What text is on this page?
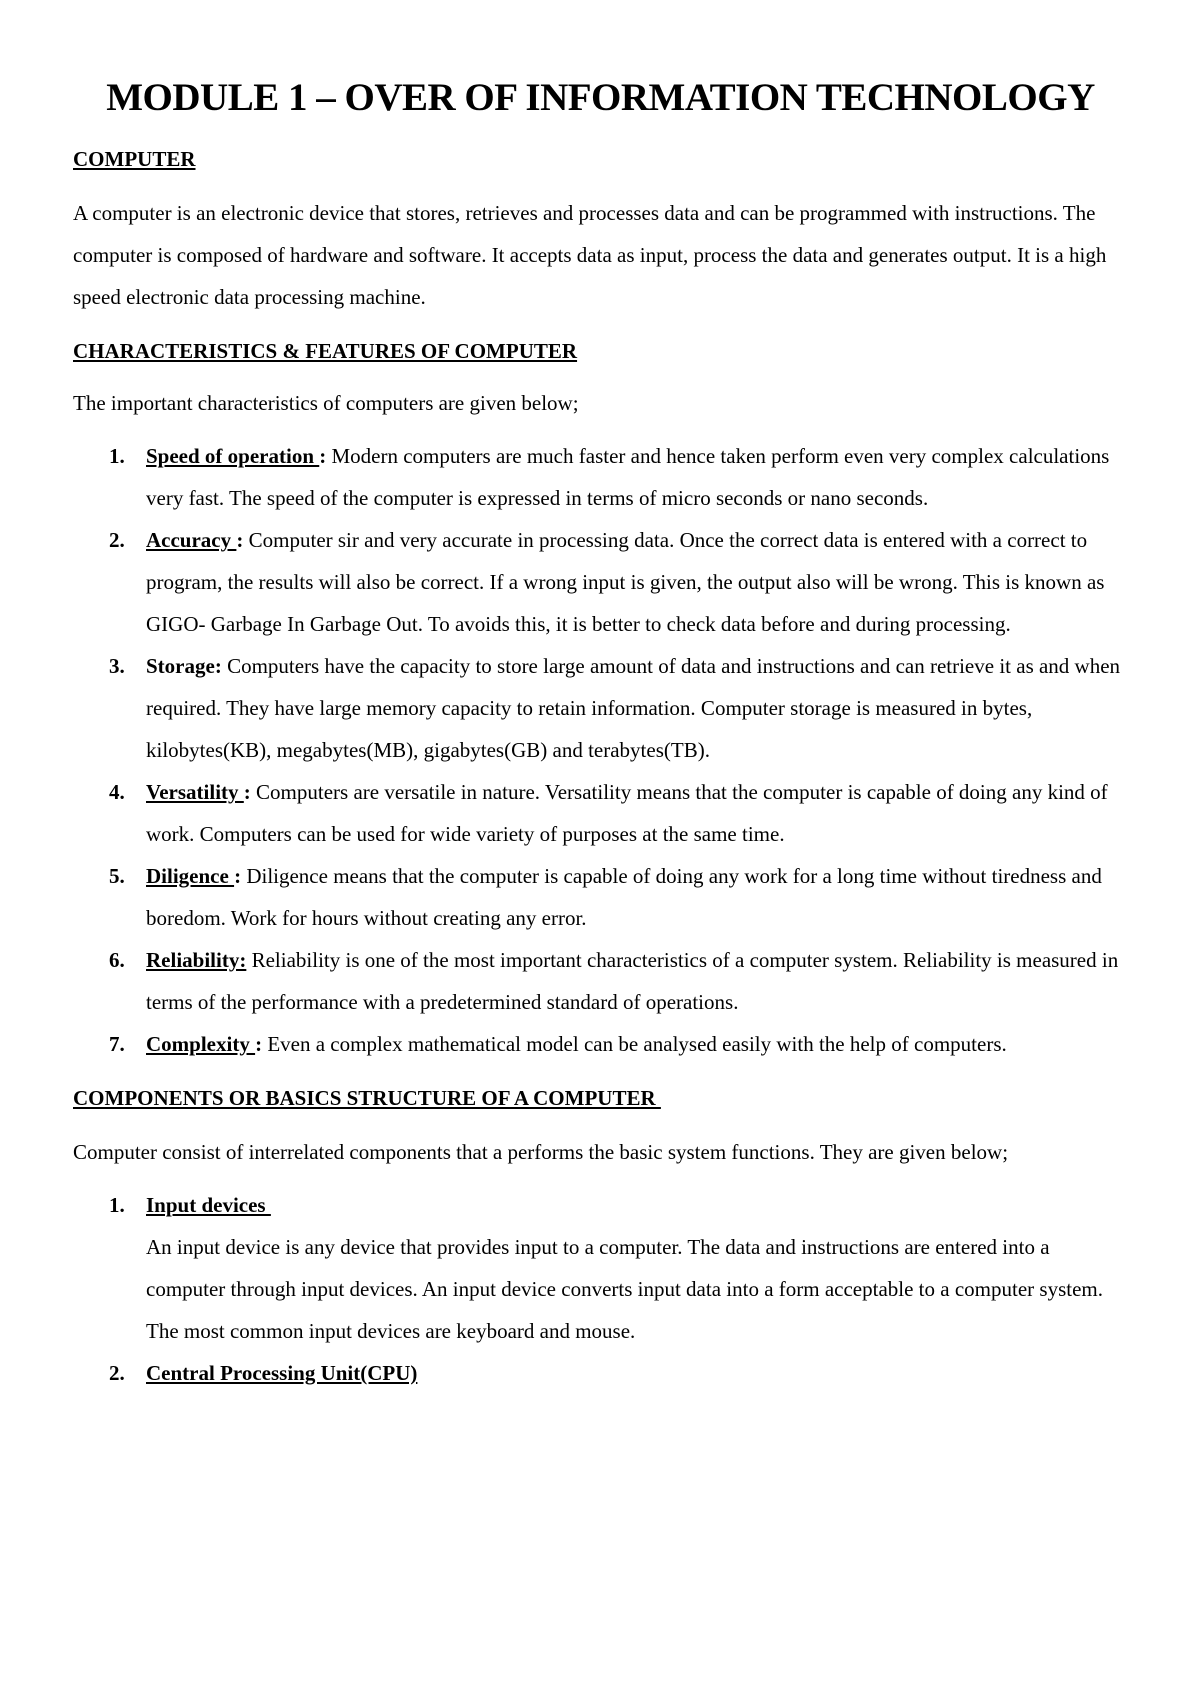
MODULE 1 – OVER OF INFORMATION TECHNOLOGY
COMPUTER

A computer is an electronic device that stores, retrieves and processes data and can be programmed with instructions. The computer is composed of hardware and software. It accepts data as input, process the data and generates output. It is a high speed electronic data processing machine.

CHARACTERISTICS & FEATURES OF COMPUTER

The important characteristics of computers are given below;

1. Speed of operation : Modern computers are much faster and hence taken perform even very complex calculations very fast. The speed of the computer is expressed in terms of micro seconds or nano seconds.
2. Accuracy : Computer sir and very accurate in processing data. Once the correct data is entered with a correct to program, the results will also be correct. If a wrong input is given, the output also will be wrong. This is known as GIGO- Garbage In Garbage Out. To avoids this, it is better to check data before and during processing.
3. Storage: Computers have the capacity to store large amount of data and instructions and can retrieve it as and when required. They have large memory capacity to retain information. Computer storage is measured in bytes, kilobytes(KB), megabytes(MB), gigabytes(GB) and terabytes(TB).
4. Versatility : Computers are versatile in nature. Versatility means that the computer is capable of doing any kind of work. Computers can be used for wide variety of purposes at the same time.
5. Diligence : Diligence means that the computer is capable of doing any work for a long time without tiredness and boredom. Work for hours without creating any error.
6. Reliability: Reliability is one of the most important characteristics of a computer system. Reliability is measured in terms of the performance with a predetermined standard of operations.
7. Complexity : Even a complex mathematical model can be analysed easily with the help of computers.
COMPONENTS OR BASICS STRUCTURE OF A COMPUTER

Computer consist of interrelated components that a performs the basic system functions. They are given below;

1. Input devices
An input device is any device that provides input to a computer. The data and instructions are entered into a computer through input devices. An input device converts input data into a form acceptable to a computer system. The most common input devices are keyboard and mouse.
2. Central Processing Unit(CPU)
